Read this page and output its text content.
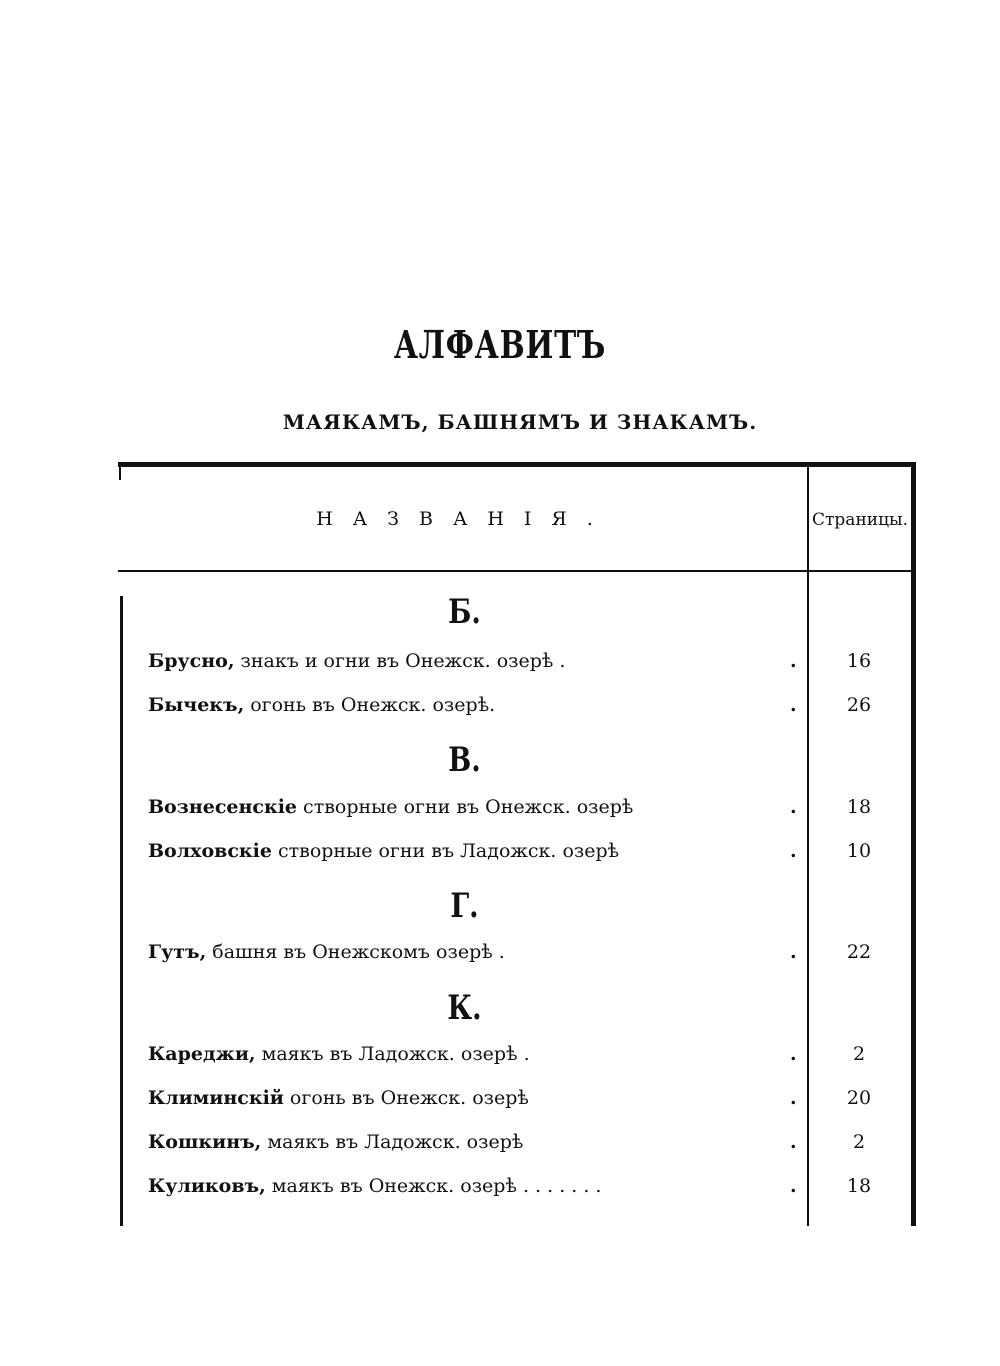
АЛФАВИТЪ
МАЯКАМЪ, БАШНЯМЪ И ЗНАКАМЪ.
НАЗВАНІЯ.	Страницы.
Б.
Брусно, знакъ и огни въ Онежск. озерѣ .	.	16
Бычекъ, огонь въ Онежск. озерѣ.	.	26
В.
Вознесенскіе створные огни въ Онежск. озерѣ	.	18
Волховскіе створные огни въ Ладожск. озерѣ	.	10
Г.
Гутъ, башня въ Онежскомъ озерѣ .	.	22
К.
Кареджи, маякъ въ Ладожск. озерѣ .	.	2
Климинскій огонь въ Онежск. озерѣ	.	20
Кошкинъ, маякъ въ Ладожск. озерѣ	.	2
Куликовъ, маякъ въ Онежск. озерѣ . . . . . . .	.	18
